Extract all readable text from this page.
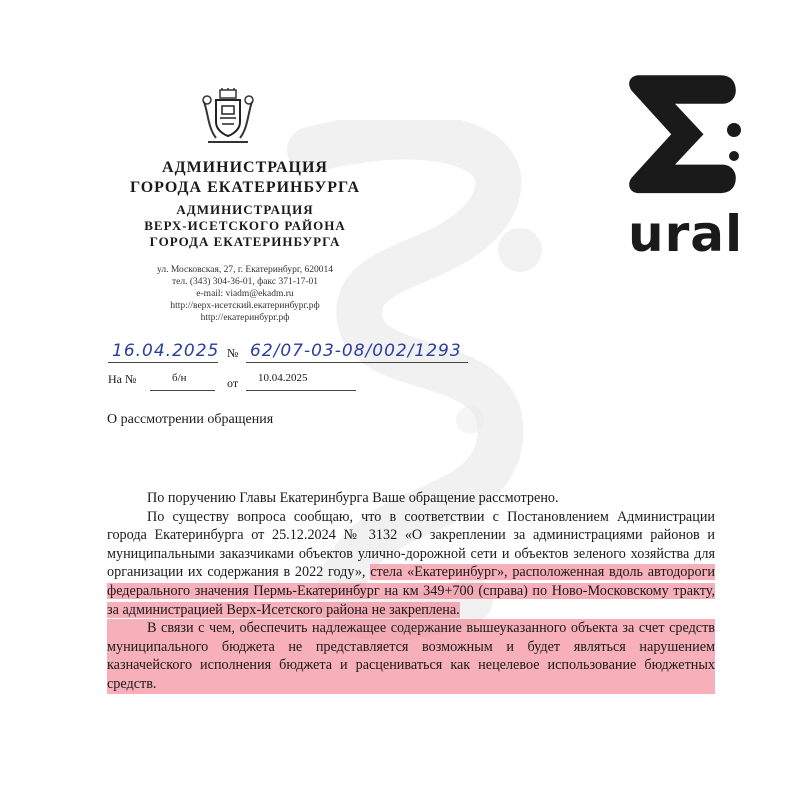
АДМИНИСТРАЦИЯ
ГОРОДА ЕКАТЕРИНБУРГА
АДМИНИСТРАЦИЯ
ВЕРХ-ИСЕТСКОГО РАЙОНА
ГОРОДА ЕКАТЕРИНБУРГА
ул. Московская, 27, г. Екатеринбург, 620014
тел. (343) 304-36-01, факс 371-17-01
e-mail: viadm@ekadm.ru
http://верх-исетский.екатеринбург.рф
http://екатеринбург.рф
16.04.2025 № 62/07-03-08/002/1293
На №	б/н	от 10.04.2025
О рассмотрении обращения

По поручению Главы Екатеринбурга Ваше обращение рассмотрено.

По существу вопроса сообщаю, что в соответствии с Постановлением Администрации города Екатеринбурга от 25.12.2024 № 3132 «О закреплении за администрациями районов и муниципальными заказчиками объектов улично-дорожной сети и объектов зеленого хозяйства для организации их содержания в 2022 году», стела «Екатеринбург», расположенная вдоль автодороги федерального значения Пермь-Екатеринбург на км 349+700 (справа) по Ново-Московскому тракту, за администрацией Верх-Исетского района не закреплена.

В связи с чем, обеспечить надлежащее содержание вышеуказанного объекта за счет средств муниципального бюджета не представляется возможным и будет являться нарушением казначейского исполнения бюджета и расцениваться как нецелевое использование бюджетных средств.

ural
